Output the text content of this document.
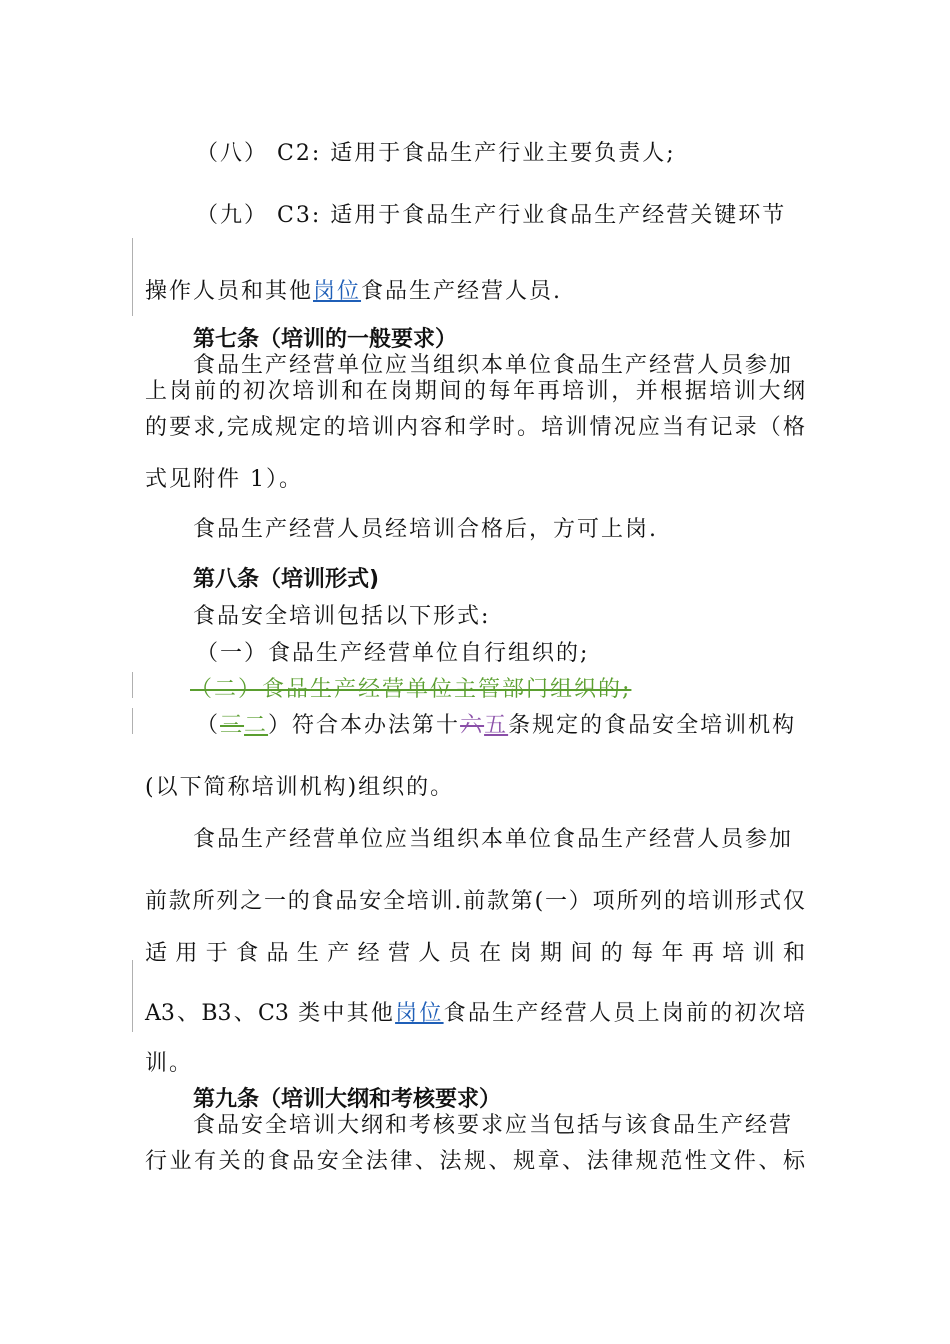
（八） C2: 适用于食品生产行业主要负责人;
（九） C3: 适用于食品生产行业食品生产经营关键环节
操作人员和其他岗位食品生产经营人员.
第七条（培训的一般要求）
食品生产经营单位应当组织本单位食品生产经营人员参加
上岗前的初次培训和在岗期间的每年再培训，并根据培训大纲
的要求,完成规定的培训内容和学时。培训情况应当有记录（格
式见附件 1）。
食品生产经营人员经培训合格后，方可上岗.
第八条（培训形式)
食品安全培训包括以下形式:
（一）食品生产经营单位自行组织的;
（二）食品生产经营单位主管部门组织的;
（三二）符合本办法第十六五条规定的食品安全培训机构
(以下简称培训机构)组织的。
食品生产经营单位应当组织本单位食品生产经营人员参加
前款所列之一的食品安全培训.前款第(一）项所列的培训形式仅
适用于食品生产经营人员在岗期间的每年再培训和
A3、B3、C3 类中其他岗位食品生产经营人员上岗前的初次培
训。
第九条（培训大纲和考核要求）
食品安全培训大纲和考核要求应当包括与该食品生产经营
行业有关的食品安全法律、法规、规章、法律规范性文件、标
